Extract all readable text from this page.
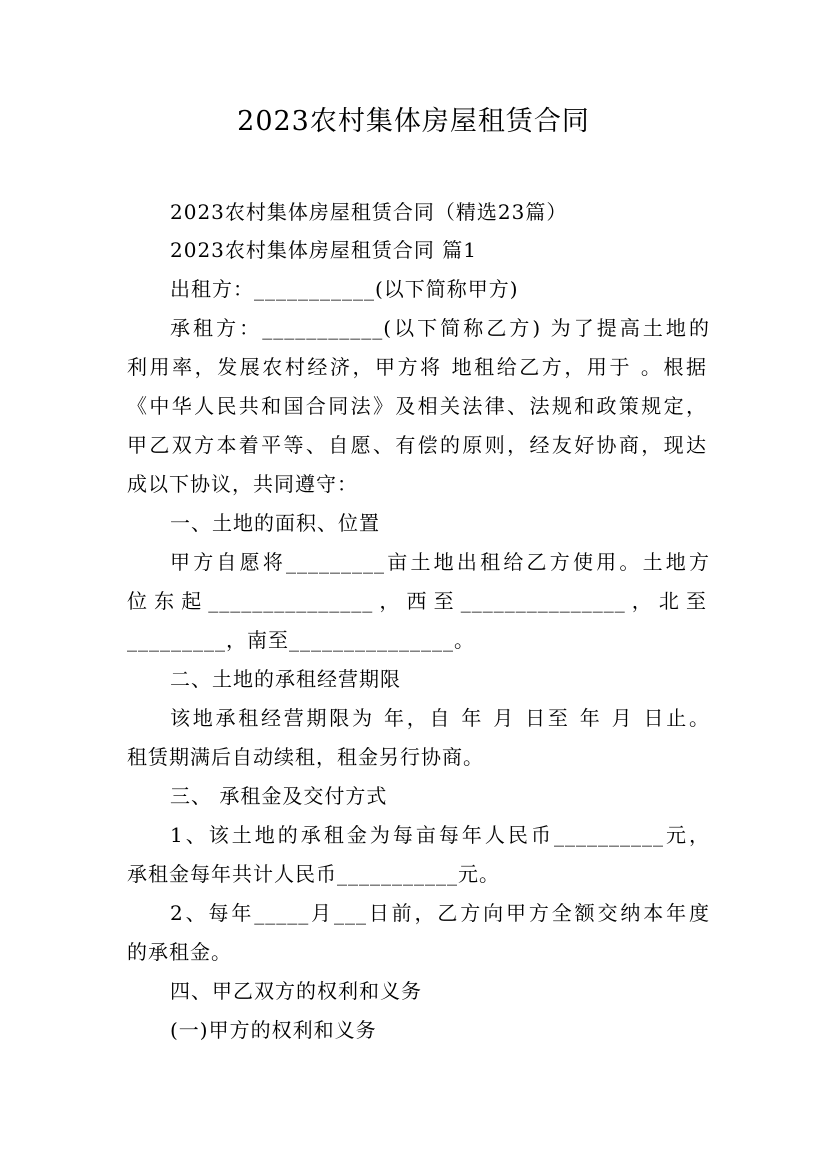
2023农村集体房屋租赁合同
2023农村集体房屋租赁合同（精选23篇）
2023农村集体房屋租赁合同 篇1
出租方：___________(以下简称甲方)
承租方：___________(以下简称乙方) 为了提高土地的
利用率，发展农村经济，甲方将 地租给乙方，用于 。根据
《中华人民共和国合同法》及相关法律、法规和政策规定，
甲乙双方本着平等、自愿、有偿的原则，经友好协商，现达
成以下协议，共同遵守：
一、土地的面积、位置
甲方自愿将_________亩土地出租给乙方使用。土地方
位东起_______________，西至_______________，北至
_________，南至_______________。
二、土地的承租经营期限
该地承租经营期限为 年，自 年 月 日至 年 月 日止。
租赁期满后自动续租，租金另行协商。
三、 承租金及交付方式
1、该土地的承租金为每亩每年人民币__________元，
承租金每年共计人民币___________元。
2、每年_____月___日前，乙方向甲方全额交纳本年度
的承租金。
四、甲乙双方的权利和义务
(一)甲方的权利和义务
